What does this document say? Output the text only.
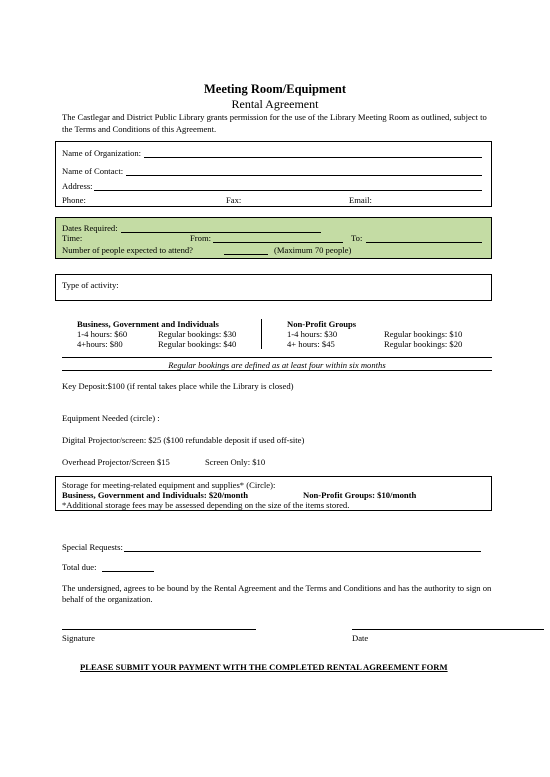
Meeting Room/Equipment
Rental Agreement
The Castlegar and District Public Library grants permission for the use of the Library Meeting Room as outlined, subject to the Terms and Conditions of this Agreement.
Name of Organization:
Name of Contact:
Address:
Phone:	Fax:	Email:
Dates Required:
Time:	From:	To:
Number of people expected to attend?	(Maximum 70 people)
Type of activity:
Business, Government and Individuals
1-4 hours: $60	Regular bookings: $30
4+hours: $80	Regular bookings: $40
Non-Profit Groups
1-4 hours: $30	Regular bookings: $10
4+ hours: $45	Regular bookings: $20
Regular bookings are defined as at least four within six months
Key Deposit:$100 (if rental takes place while the Library is closed)
Equipment Needed (circle) :
Digital Projector/screen: $25 ($100 refundable deposit if used off-site)
Overhead Projector/Screen $15	Screen Only: $10
Storage for meeting-related equipment and supplies* (Circle):
Business, Government and Individuals: $20/month	Non-Profit Groups: $10/month
*Additional storage fees may be assessed depending on the size of the items stored.
Special Requests:
Total due:
The undersigned, agrees to be bound by the Rental Agreement and the Terms and Conditions and has the authority to sign on behalf of the organization.
Signature	Date
PLEASE SUBMIT YOUR PAYMENT WITH THE COMPLETED RENTAL AGREEMENT FORM
